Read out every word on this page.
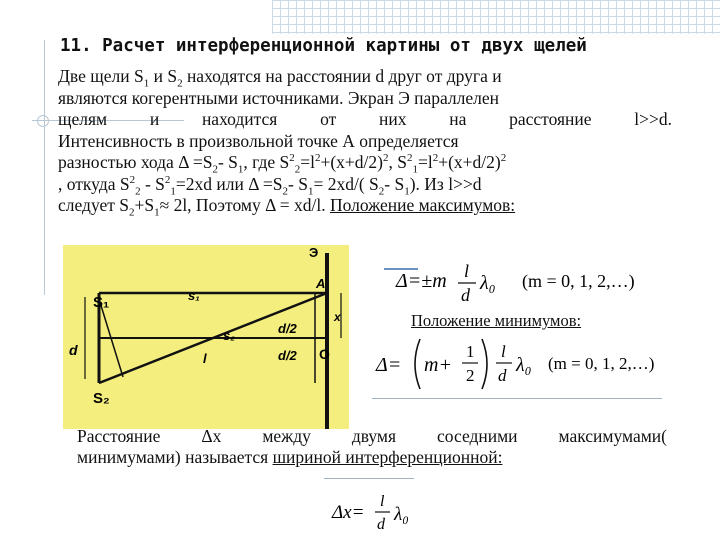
11. Расчет интерференционной картины от двух щелей
Две щели $S_1$ и $S_2$ находятся на расстоянии d друг от друга и
являются когерентными источниками. Экран Э параллелен
щелям и находится от них на расстояние l>>d.
Интенсивность в произвольной точке А определяется
разностью хода $\Delta =S_2-$ $S_1$, где $S^2_2=l^2+(x+d/2)^2$, $S^2_1=l^2+(x+d/2)^2$
, откуда $S^2_2 - S^2_1=2xd$ или $\Delta =S_2-$ $S_1= 2xd/$( $S_2-$ $S_1$). Из l>>d
следует $S_2+S_1\approx 2l$, Поэтому Δ = xd/l. Положение максимумов:
Э
A
S₁
S₂
d
s₁
s₂	d/2
d/2
l
x
O
Δ=±m l
d
λ₀ (m = 0, 1, 2,…)
Положение минимумов:
Δ= m+
1
2
l
d λ₀ (m = 0, 1, 2,…)
Расстояние Δx между двумя соседними максимумами(
минимумами) называется шириной интерференционной:
Δx=
l
d λ₀
